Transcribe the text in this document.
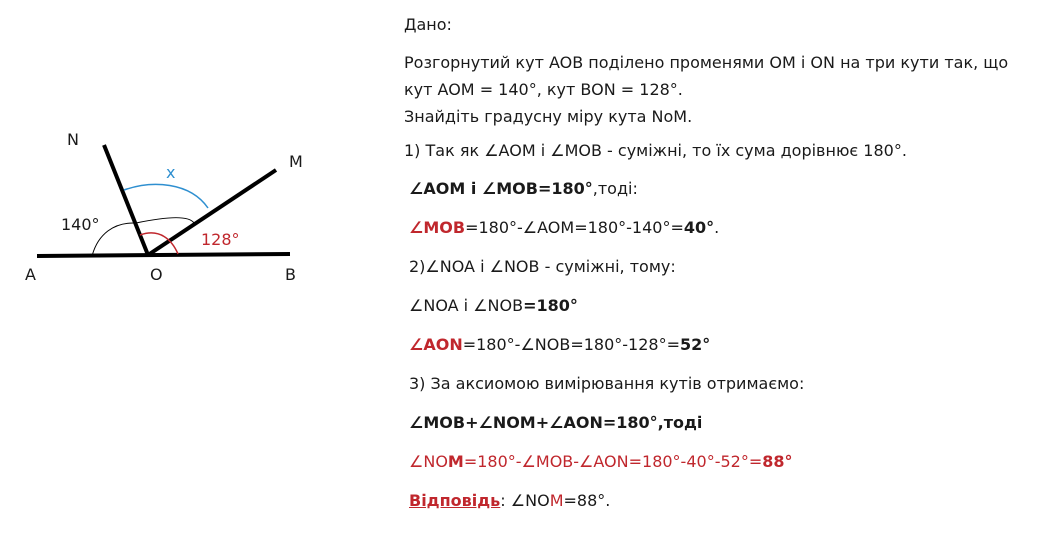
N
M
x
140°
128°
A	O	B
Дано:
Розгорнутий кут AOB поділено променями OM і ON на три кути так, що
кут AOM = 140°, кут BON = 128°.
Знайдіть градусну міру кута NoM.
1) Так як ∠AOM і ∠MOB - суміжні, то їх сума дорівнює 180°.
∠AOM і ∠MOB=180°,тоді:
∠MOB=180°-∠AOM=180°-140°=40°.
2)∠NOA і ∠NOB - суміжні, тому:
∠NOA і ∠NOB=180°
∠AON=180°-∠NOB=180°-128°=52°
3) За аксиомою вимірювання кутів отримаємо:
∠MOB+∠NOM+∠AON=180°,тоді
∠NOM=180°-∠MOB-∠AON=180°-40°-52°=88°
Відповідь: ∠NOM=88°.
